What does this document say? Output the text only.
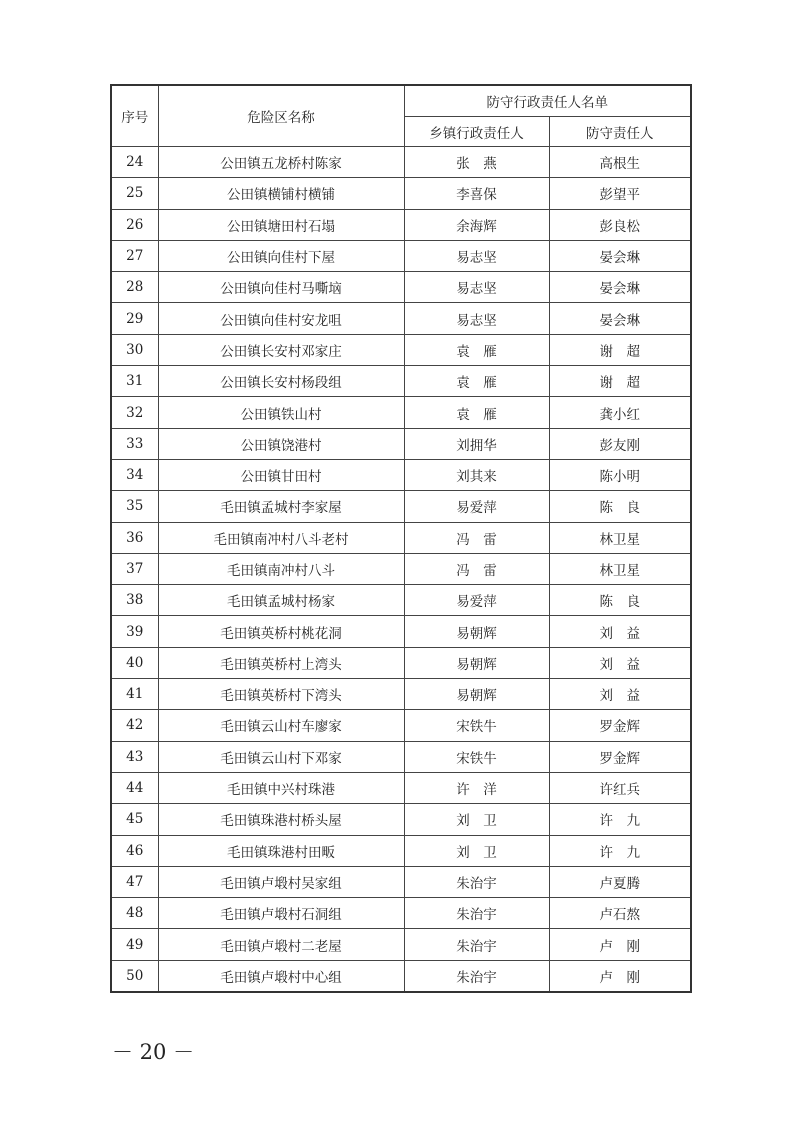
序号	危险区名称	防守行政责任人名单	
		乡镇行政责任人	防守责任人
24	公田镇五龙桥村陈家	张　燕	高根生
25	公田镇横铺村横铺	李喜保	彭望平
26	公田镇塘田村石塌	余海辉	彭良松
27	公田镇向佳村下屋	易志坚	晏会琳
28	公田镇向佳村马嘶垴	易志坚	晏会琳
29	公田镇向佳村安龙咀	易志坚	晏会琳
30	公田镇长安村邓家庄	袁　雁	谢　超
31	公田镇长安村杨段组	袁　雁	谢　超
32	公田镇铁山村	袁　雁	龚小红
33	公田镇饶港村	刘拥华	彭友刚
34	公田镇甘田村	刘其来	陈小明
35	毛田镇孟城村李家屋	易爱萍	陈　良
36	毛田镇南冲村八斗老村	冯　雷	林卫星
37	毛田镇南冲村八斗	冯　雷	林卫星
38	毛田镇孟城村杨家	易爱萍	陈　良
39	毛田镇英桥村桃花洞	易朝辉	刘　益
40	毛田镇英桥村上湾头	易朝辉	刘　益
41	毛田镇英桥村下湾头	易朝辉	刘　益
42	毛田镇云山村车廖家	宋铁牛	罗金辉
43	毛田镇云山村下邓家	宋铁牛	罗金辉
44	毛田镇中兴村珠港	许　洋	许红兵
45	毛田镇珠港村桥头屋	刘　卫	许　九
46	毛田镇珠港村田畈	刘　卫	许　九
47	毛田镇卢塅村吴家组	朱治宇	卢夏腾
48	毛田镇卢塅村石洞组	朱治宇	卢石熬
49	毛田镇卢塅村二老屋	朱治宇	卢　刚
50	毛田镇卢塅村中心组	朱治宇	卢　刚
－ 20 －
